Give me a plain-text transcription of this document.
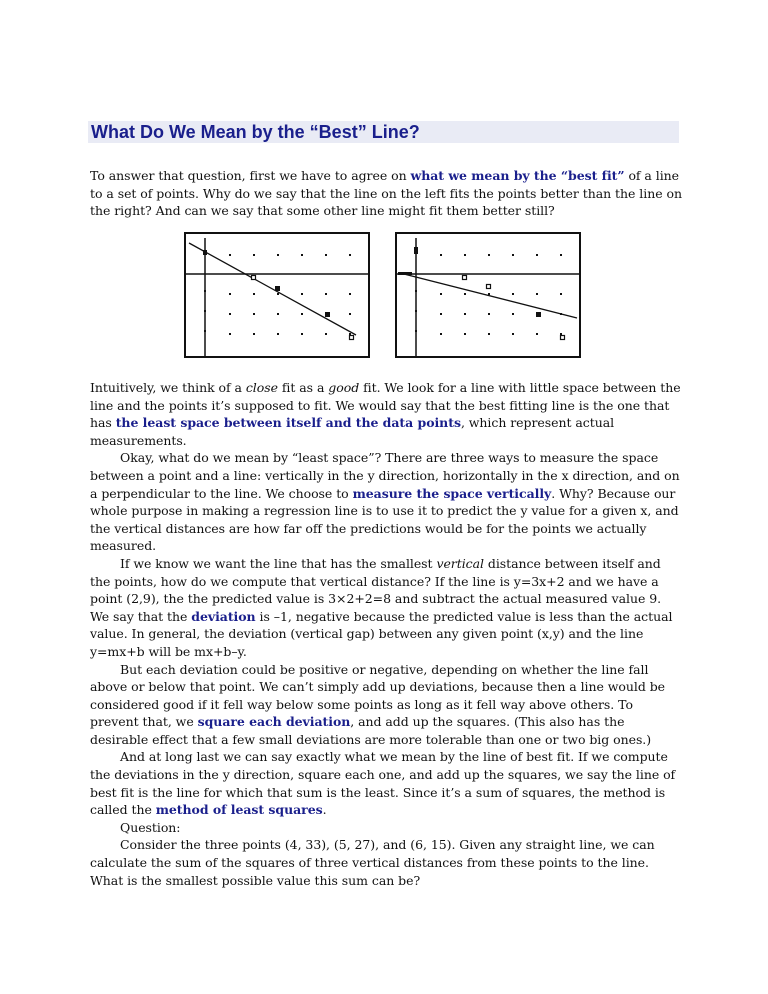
What Do We Mean by the “Best” Line?

To answer that question, first we have to agree on what we mean by the “best fit” of a line to a set of points. Why do we say that the line on the left fits the points better than the line on the right? And can we say that some other line might fit them better still?

Intuitively, we think of a close fit as a good fit. We look for a line with little space between the line and the points it’s supposed to fit. We would say that the best fitting line is the one that has the least space between itself and the data points, which represent actual measurements.

Okay, what do we mean by “least space”? There are three ways to measure the space between a point and a line: vertically in the y direction, horizontally in the x direction, and on a perpendicular to the line. We choose to measure the space vertically. Why? Because our whole purpose in making a regression line is to use it to predict the y value for a given x, and the vertical distances are how far off the predictions would be for the points we actually measured.

If we know we want the line that has the smallest vertical distance between itself and the points, how do we compute that vertical distance? If the line is y=3x+2 and we have a point (2,9), the the predicted value is 3×2+2=8 and subtract the actual measured value 9. We say that the deviation is –1, negative because the predicted value is less than the actual value. In general, the deviation (vertical gap) between any given point (x,y) and the line y=mx+b will be mx+b–y.

But each deviation could be positive or negative, depending on whether the line fall above or below that point. We can’t simply add up deviations, because then a line would be considered good if it fell way below some points as long as it fell way above others. To prevent that, we square each deviation, and add up the squares. (This also has the desirable effect that a few small deviations are more tolerable than one or two big ones.)

And at long last we can say exactly what we mean by the line of best fit. If we compute the deviations in the y direction, square each one, and add up the squares, we say the line of best fit is the line for which that sum is the least. Since it’s a sum of squares, the method is called the method of least squares.

Question:

Consider the three points (4, 33), (5, 27), and (6, 15). Given any straight line, we can calculate the sum of the squares of three vertical distances from these points to the line. What is the smallest possible value this sum can be?
